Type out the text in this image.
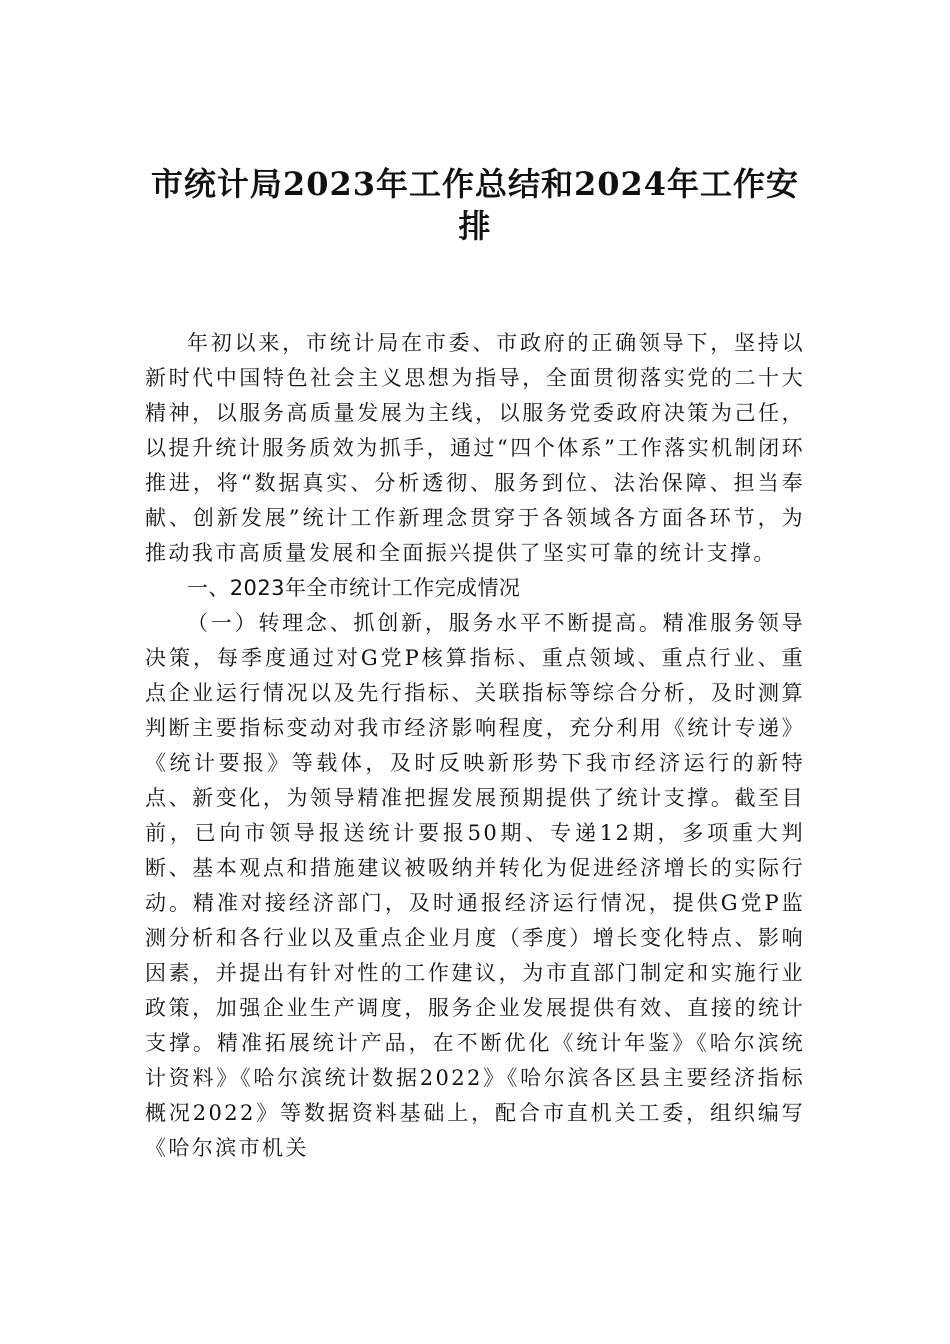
市统计局2023年工作总结和2024年工作安
排

年初以来，市统计局在市委、市政府的正确领导下，坚持以新时代中国特色社会主义思想为指导，全面贯彻落实党的二十大精神，以服务高质量发展为主线，以服务党委政府决策为己任，以提升统计服务质效为抓手，通过“四个体系”工作落实机制闭环推进，将“数据真实、分析透彻、服务到位、法治保障、担当奉献、创新发展”统计工作新理念贯穿于各领域各方面各环节，为推动我市高质量发展和全面振兴提供了坚实可靠的统计支撑。

一、2023年全市统计工作完成情况

（一）转理念、抓创新，服务水平不断提高。精准服务领导决策，每季度通过对G党P核算指标、重点领域、重点行业、重点企业运行情况以及先行指标、关联指标等综合分析，及时测算判断主要指标变动对我市经济影响程度，充分利用《统计专递》《统计要报》等载体，及时反映新形势下我市经济运行的新特点、新变化，为领导精准把握发展预期提供了统计支撑。截至目前，已向市领导报送统计要报50期、专递12期，多项重大判断、基本观点和措施建议被吸纳并转化为促进经济增长的实际行动。精准对接经济部门，及时通报经济运行情况，提供G党P监测分析和各行业以及重点企业月度（季度）增长变化特点、影响因素，并提出有针对性的工作建议，为市直部门制定和实施行业政策，加强企业生产调度，服务企业发展提供有效、直接的统计支撑。精准拓展统计产品，在不断优化《统计年鉴》《哈尔滨统计资料》《哈尔滨统计数据2022》《哈尔滨各区县主要经济指标概况2022》等数据资料基础上，配合市直机关工委，组织编写《哈尔滨市机关
